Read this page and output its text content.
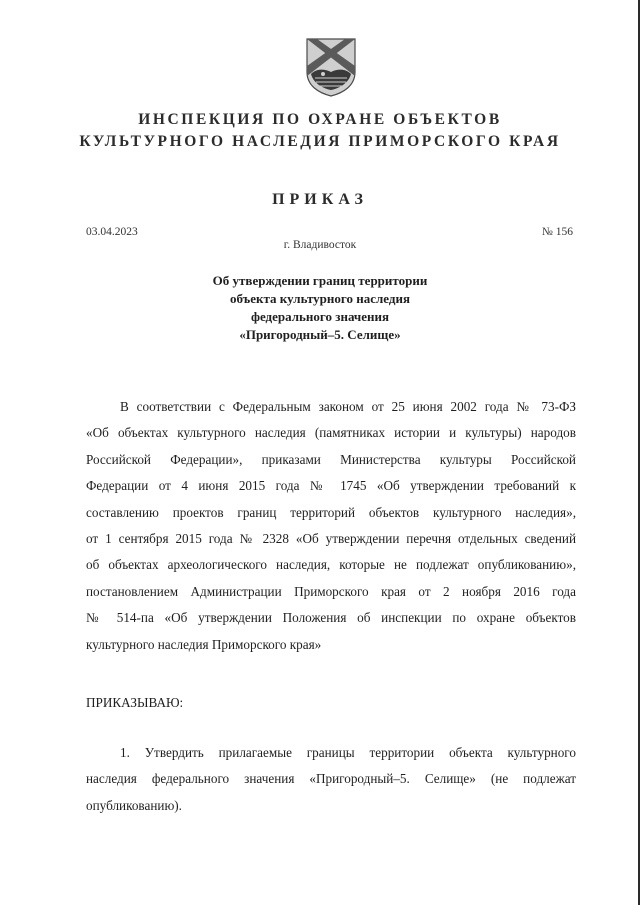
ИНСПЕКЦИЯ ПО ОХРАНЕ ОБЪЕКТОВ
КУЛЬТУРНОГО НАСЛЕДИЯ ПРИМОРСКОГО КРАЯ
ПРИКАЗ
03.04.2023	№ 156
г. Владивосток
Об утверждении границ территории
объекта культурного наследия
федерального значения
«Пригородный–5. Селище»
В соответствии с Федеральным законом от 25 июня 2002 года № 73-ФЗ
«Об объектах культурного наследия (памятниках истории и культуры) народов
Российской Федерации», приказами Министерства культуры Российской
Федерации от 4 июня 2015 года № 1745 «Об утверждении требований к
составлению проектов границ территорий объектов культурного наследия»,
от 1 сентября 2015 года № 2328 «Об утверждении перечня отдельных сведений
об объектах археологического наследия, которые не подлежат опубликованию»,
постановлением Администрации Приморского края от 2 ноября 2016 года
№ 514-па «Об утверждении Положения об инспекции по охране объектов
культурного наследия Приморского края»
ПРИКАЗЫВАЮ:
1. Утвердить прилагаемые границы территории объекта культурного
наследия федерального значения «Пригородный–5. Селище» (не подлежат
опубликованию).
